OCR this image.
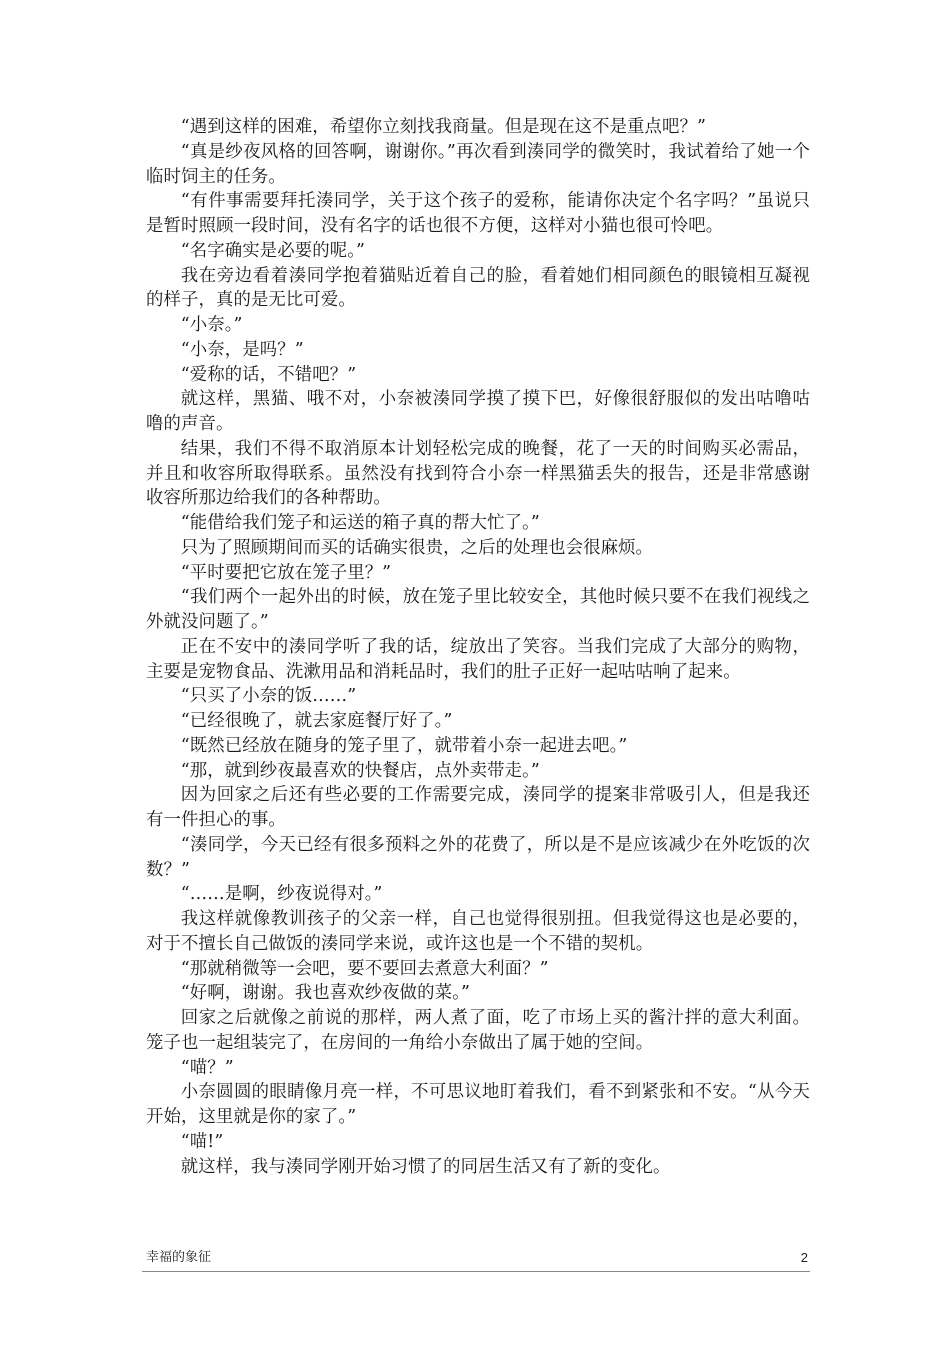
“遇到这样的困难，希望你立刻找我商量。但是现在这不是重点吧？”

“真是纱夜风格的回答啊，谢谢你。”再次看到湊同学的微笑时，我试着给了她一个临时饲主的任务。

“有件事需要拜托湊同学，关于这个孩子的爱称，能请你决定个名字吗？”虽说只是暂时照顾一段时间，没有名字的话也很不方便，这样对小猫也很可怜吧。

“名字确实是必要的呢。”

我在旁边看着湊同学抱着猫贴近着自己的脸，看着她们相同颜色的眼镜相互凝视的样子，真的是无比可爱。

“小奈。”

“小奈，是吗？”

“爱称的话，不错吧？”

就这样，黑猫、哦不对，小奈被湊同学摸了摸下巴，好像很舒服似的发出咕噜咕噜的声音。

结果，我们不得不取消原本计划轻松完成的晚餐，花了一天的时间购买必需品，并且和收容所取得联系。虽然没有找到符合小奈一样黑猫丢失的报告，还是非常感谢收容所那边给我们的各种帮助。

“能借给我们笼子和运送的箱子真的帮大忙了。”

只为了照顾期间而买的话确实很贵，之后的处理也会很麻烦。

“平时要把它放在笼子里？”

“我们两个一起外出的时候，放在笼子里比较安全，其他时候只要不在我们视线之外就没问题了。”

正在不安中的湊同学听了我的话，绽放出了笑容。当我们完成了大部分的购物，主要是宠物食品、洗漱用品和消耗品时，我们的肚子正好一起咕咕响了起来。

“只买了小奈的饭……”

“已经很晚了，就去家庭餐厅好了。”

“既然已经放在随身的笼子里了，就带着小奈一起进去吧。”

“那，就到纱夜最喜欢的快餐店，点外卖带走。”

因为回家之后还有些必要的工作需要完成，湊同学的提案非常吸引人，但是我还有一件担心的事。

“湊同学，今天已经有很多预料之外的花费了，所以是不是应该减少在外吃饭的次数？”

“……是啊，纱夜说得对。”

我这样就像教训孩子的父亲一样，自己也觉得很别扭。但我觉得这也是必要的，对于不擅长自己做饭的湊同学来说，或许这也是一个不错的契机。

“那就稍微等一会吧，要不要回去煮意大利面？”

“好啊，谢谢。我也喜欢纱夜做的菜。”

回家之后就像之前说的那样，两人煮了面，吃了市场上买的酱汁拌的意大利面。笼子也一起组装完了，在房间的一角给小奈做出了属于她的空间。

“喵？”

小奈圆圆的眼睛像月亮一样，不可思议地盯着我们，看不到紧张和不安。“从今天开始，这里就是你的家了。”

“喵!”

就这样，我与湊同学刚开始习惯了的同居生活又有了新的变化。

幸福的象征	2
